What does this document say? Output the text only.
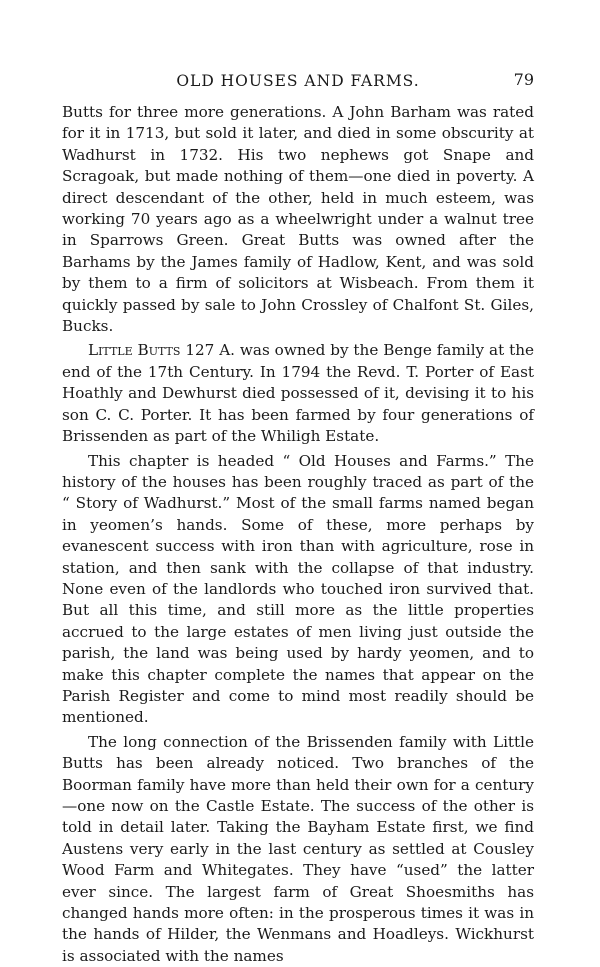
OLD HOUSES AND FARMS.	79

Butts for three more generations. A John Barham was rated for it in 1713, but sold it later, and died in some obscurity at Wadhurst in 1732. His two nephews got Snape and Scragoak, but made nothing of them—one died in poverty. A direct descendant of the other, held in much esteem, was working 70 years ago as a wheelwright under a walnut tree in Sparrows Green. Great Butts was owned after the Barhams by the James family of Hadlow, Kent, and was sold by them to a firm of solicitors at Wisbeach. From them it quickly passed by sale to John Crossley of Chalfont St. Giles, Bucks.

Little Butts 127 A. was owned by the Benge family at the end of the 17th Century. In 1794 the Revd. T. Porter of East Hoathly and Dewhurst died possessed of it, devising it to his son C. C. Porter. It has been farmed by four generations of Brissenden as part of the Whiligh Estate.

This chapter is headed “ Old Houses and Farms.” The history of the houses has been roughly traced as part of the “ Story of Wadhurst.” Most of the small farms named began in yeomen’s hands. Some of these, more perhaps by evanescent success with iron than with agriculture, rose in station, and then sank with the collapse of that industry. None even of the landlords who touched iron survived that. But all this time, and still more as the little properties accrued to the large estates of men living just outside the parish, the land was being used by hardy yeomen, and to make this chapter complete the names that appear on the Parish Register and come to mind most readily should be mentioned.

The long connection of the Brissenden family with Little Butts has been already noticed. Two branches of the Boorman family have more than held their own for a century—one now on the Castle Estate. The success of the other is told in detail later. Taking the Bayham Estate first, we find Austens very early in the last century as settled at Cousley Wood Farm and Whitegates. They have “used” the latter ever since. The largest farm of Great Shoesmiths has changed hands more often: in the prosperous times it was in the hands of Hilder, the Wenmans and Hoadleys. Wickhurst is associated with the names
